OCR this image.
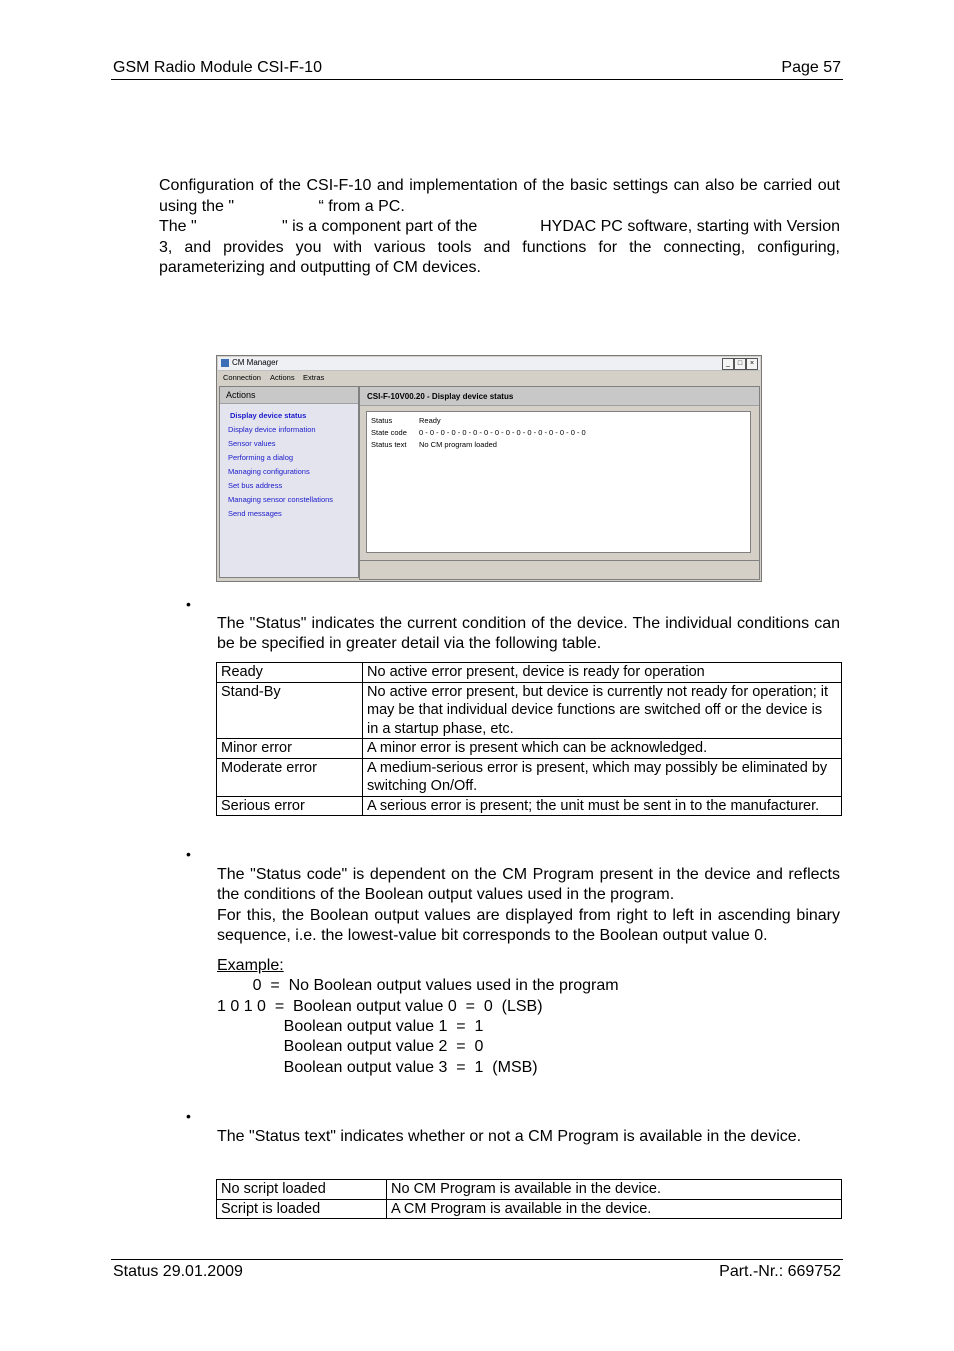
GSM Radio Module CSI-F-10	Page 57

Configuration of the CSI-F-10 and implementation of the basic settings can also be carried out using the "                   “ from a PC.

The "                   " is a component part of the              HYDAC PC software, starting with Version 3, and provides you with various tools and functions for the connecting, configuring, parameterizing and outputting of CM devices.

CM Manager	_	□	×
Connection Actions Extras
Actions
Display device status
Display device information
Sensor values
Performing a dialog
Managing configurations
Set bus address
Managing sensor constellations
Send messages
CSI-F-10V00.20 - Display device status
Status	Ready
State code 0 - 0 - 0 - 0 - 0 - 0 - 0 - 0 - 0 - 0 - 0 - 0 - 0 - 0 - 0 - 0
Status text No CM program loaded
•

The "Status" indicates the current condition of the device. The individual conditions can be be specified in greater detail via the following table.

Ready	No active error present, device is ready for operation
Stand-By	No active error present, but device is currently not ready for operation; it may be that individual device functions are switched off or the device is in a startup phase, etc.
Minor error	A minor error is present which can be acknowledged.
Moderate error	A medium-serious error is present, which may possibly be eliminated by switching On/Off.
Serious error	A serious error is present; the unit must be sent in to the manufacturer.
•

The "Status code" is dependent on the CM Program present in the device and reflects the conditions of the Boolean output values used in the program.

For this, the Boolean output values are displayed from right to left in ascending binary sequence, i.e. the lowest-value bit corresponds to the Boolean output value 0.

Example:

0  =  No Boolean output values used in the program

1 0 1 0  =  Boolean output value 0  =  0  (LSB)

Boolean output value 1  =  1

Boolean output value 2  =  0

Boolean output value 3  =  1  (MSB)

•

The "Status text" indicates whether or not a CM Program is available in the device.

No script loaded	No CM Program is available in the device.
Script is loaded	A CM Program is available in the device.
Status 29.01.2009	Part.-Nr.: 669752
